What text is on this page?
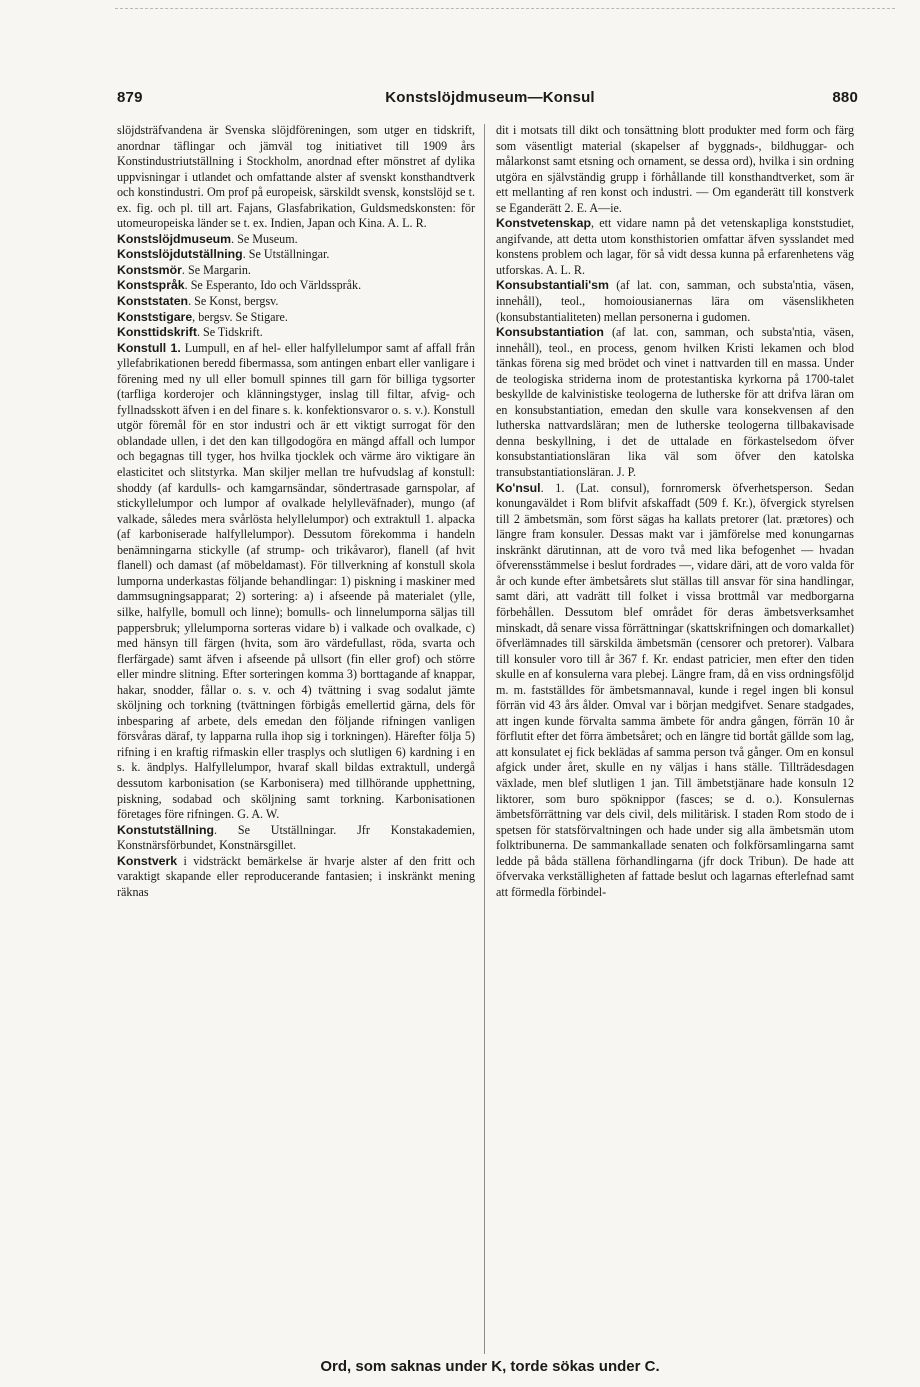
879	Konstslöjdmuseum—Konsul	880

slöjdsträfvandena är Svenska slöjdföreningen, som utger en tidskrift, anordnar täflingar och jämväl tog initiativet till 1909 års Konstindustriutställning i Stockholm, anordnad efter mönstret af dylika uppvisningar i utlandet och omfattande alster af svenskt konsthandtverk och konstindustri. Om prof på europeisk, särskildt svensk, konstslöjd se t. ex. fig. och pl. till art. Fajans, Glasfabrikation, Guldsmedskonsten: för utomeuropeiska länder se t. ex. Indien, Japan och Kina. A. L. R.

Konstslöjdmuseum. Se Museum.

Konstslöjdutställning. Se Utställningar.

Konstsmör. Se Margarin.

Konstspråk. Se Esperanto, Ido och Världsspråk.

Konststaten. Se Konst, bergsv.

Konststigare, bergsv. Se Stigare.

Konsttidskrift. Se Tidskrift.

Konstull 1. Lumpull, en af hel- eller halfyllelumpor samt af affall från yllefabrikationen beredd fibermassa, som antingen enbart eller vanligare i förening med ny ull eller bomull spinnes till garn för billiga tygsorter (tarfliga korderojer och klänningstyger, inslag till filtar, afvig- och fyllnadsskott äfven i en del finare s. k. konfektionsvaror o. s. v.). Konstull utgör föremål för en stor industri och är ett viktigt surrogat för den oblandade ullen, i det den kan tillgodogöra en mängd affall och lumpor och begagnas till tyger, hos hvilka tjocklek och värme äro viktigare än elasticitet och slitstyrka. Man skiljer mellan tre hufvudslag af konstull: shoddy (af kardulls- och kamgarnsändar, söndertrasade garnspolar, af stickyllelumpor och lumpor af ovalkade helylleväfnader), mungo (af valkade, således mera svårlösta helyllelumpor) och extraktull 1. alpacka (af karboniserade halfyllelumpor). Dessutom förekomma i handeln benämningarna stickylle (af strump- och trikåvaror), flanell (af hvit flanell) och damast (af möbeldamast). För tillverkning af konstull skola lumporna underkastas följande behandlingar: 1) piskning i maskiner med dammsugningsapparat; 2) sortering: a) i afseende på materialet (ylle, silke, halfylle, bomull och linne); bomulls- och linnelumporna säljas till pappersbruk; yllelumporna sorteras vidare b) i valkade och ovalkade, c) med hänsyn till färgen (hvita, som äro värdefullast, röda, svarta och flerfärgade) samt äfven i afseende på ullsort (fin eller grof) och större eller mindre slitning. Efter sorteringen komma 3) borttagande af knappar, hakar, snodder, fållar o. s. v. och 4) tvättning i svag sodalut jämte sköljning och torkning (tvättningen förbigås emellertid gärna, dels för inbesparing af arbete, dels emedan den följande rifningen vanligen försvåras däraf, ty lapparna rulla ihop sig i torkningen). Härefter följa 5) rifning i en kraftig rifmaskin eller trasplys och slutligen 6) kardning i en s. k. ändplys. Halfyllelumpor, hvaraf skall bildas extraktull, undergå dessutom karbonisation (se Karbonisera) med tillhörande upphettning, piskning, sodabad och sköljning samt torkning. Karbonisationen företages före rifningen. G. A. W.

Konstutställning. Se Utställningar. Jfr Konstakademien, Konstnärsförbundet, Konstnärsgillet.

Konstverk i vidsträckt bemärkelse är hvarje alster af den fritt och varaktigt skapande eller reproducerande fantasien; i inskränkt mening räknas

dit i motsats till dikt och tonsättning blott produkter med form och färg som väsentligt material (skapelser af byggnads-, bildhuggar- och målarkonst samt etsning och ornament, se dessa ord), hvilka i sin ordning utgöra en självständig grupp i förhållande till konsthandtverket, som är ett mellanting af ren konst och industri. — Om eganderätt till konstverk se Eganderätt 2. E. A—ie.

Konstvetenskap, ett vidare namn på det vetenskapliga konststudiet, angifvande, att detta utom konsthistorien omfattar äfven sysslandet med konstens problem och lagar, för så vidt dessa kunna på erfarenhetens väg utforskas. A. L. R.

Konsubstantiali'sm (af lat. con, samman, och substa'ntia, väsen, innehåll), teol., homoiousianernas lära om väsenslikheten (konsubstantialiteten) mellan personerna i gudomen.

Konsubstantiation (af lat. con, samman, och substa'ntia, väsen, innehåll), teol., en process, genom hvilken Kristi lekamen och blod tänkas förena sig med brödet och vinet i nattvarden till en massa. Under de teologiska striderna inom de protestantiska kyrkorna på 1700-talet beskyllde de kalvinistiske teologerna de lutherske för att drifva läran om en konsubstantiation, emedan den skulle vara konsekvensen af den lutherska nattvardsläran; men de lutherske teologerna tillbakavisade denna beskyllning, i det de uttalade en förkastelsedom öfver konsubstantiationsläran lika väl som öfver den katolska transubstantiationsläran. J. P.

Ko'nsul. 1. (Lat. consul), fornromersk öfverhetsperson. Sedan konungaväldet i Rom blifvit afskaffadt (509 f. Kr.), öfvergick styrelsen till 2 ämbetsmän, som först sägas ha kallats pretorer (lat. prætores) och längre fram konsuler. Dessas makt var i jämförelse med konungarnas inskränkt därutinnan, att de voro två med lika befogenhet — hvadan öfverensstämmelse i beslut fordrades —, vidare däri, att de voro valda för år och kunde efter ämbetsårets slut ställas till ansvar för sina handlingar, samt däri, att vadrätt till folket i vissa brottmål var medborgarna förbehållen. Dessutom blef området för deras ämbetsverksamhet minskadt, då senare vissa förrättningar (skattskrifningen och domarkallet) öfverlämnades till särskilda ämbetsmän (censorer och pretorer). Valbara till konsuler voro till år 367 f. Kr. endast patricier, men efter den tiden skulle en af konsulerna vara plebej. Längre fram, då en viss ordningsföljd m. m. fastställdes för ämbetsmannaval, kunde i regel ingen bli konsul förrän vid 43 års ålder. Omval var i början medgifvet. Senare stadgades, att ingen kunde förvalta samma ämbete för andra gången, förrän 10 år förflutit efter det förra ämbetsåret; och en längre tid bortåt gällde som lag, att konsulatet ej fick beklädas af samma person två gånger. Om en konsul afgick under året, skulle en ny väljas i hans ställe. Tillträdesdagen växlade, men blef slutligen 1 jan. Till ämbetstjänare hade konsuln 12 liktorer, som buro spöknippor (fasces; se d. o.). Konsulernas ämbetsförrättning var dels civil, dels militärisk. I staden Rom stodo de i spetsen för statsförvaltningen och hade under sig alla ämbetsmän utom folktribunerna. De sammankallade senaten och folkförsamlingarna samt ledde på båda ställena förhandlingarna (jfr dock Tribun). De hade att öfvervaka verkställigheten af fattade beslut och lagarnas efterlefnad samt att förmedla förbindel-

Ord, som saknas under K, torde sökas under C.
